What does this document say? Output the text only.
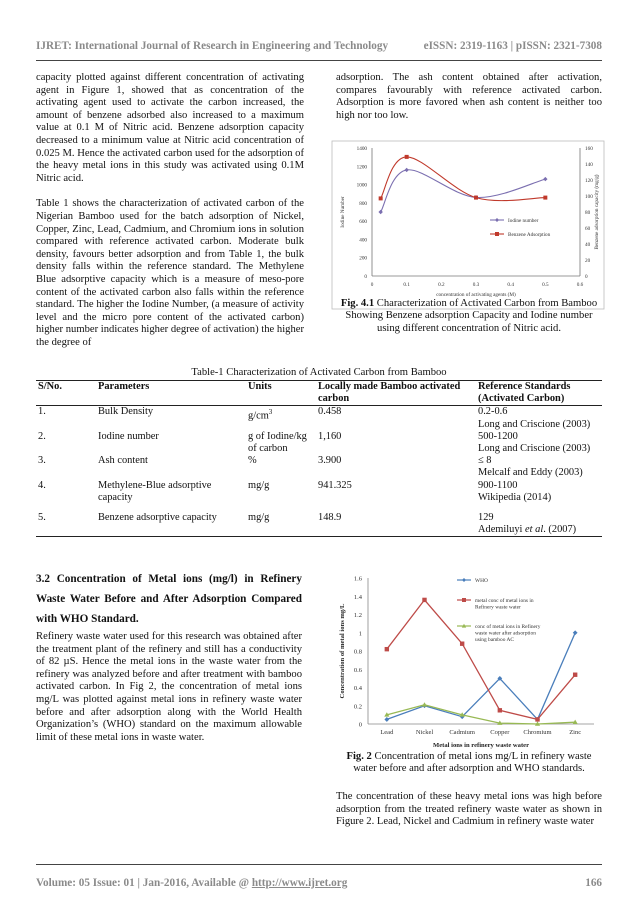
IJRET: International Journal of Research in Engineering and Technology	eISSN: 2319-1163 | pISSN: 2321-7308

capacity plotted against different concentration of activating agent in Figure 1, showed that as concentration of the activating agent used to activate the carbon increased, the amount of benzene adsorbed also increased to a maximum value at 0.1 M of Nitric acid. Benzene adsorption capacity decreased to a minimum value at Nitric acid concentration of 0.025 M. Hence the activated carbon used for the adsorption of the heavy metal ions in this study was activated using 0.1M Nitric acid.

Table 1 shows the characterization of activated carbon of the Nigerian Bamboo used for the batch adsorption of Nickel, Copper, Zinc, Lead, Cadmium, and Chromium ions in solution compared with reference activated carbon. Moderate bulk density, favours better adsorption and from Table 1, the bulk density falls within the reference standard. The Methylene Blue adsorptive capacity which is a measure of meso-pore content of the activated carbon also falls within the reference standard. The higher the Iodine Number, (a measure of activity level and the micro pore content of the activated carbon) higher number indicates higher degree of activation) the higher the degree of

adsorption. The ash content obtained after activation, compares favourably with reference activated carbon. Adsorption is more favored when ash content is neither too high nor too low.

0	0.1	0.2	0.3	0.4	0.5	0.6
0
200
400
600
800
1000
1200
1400
0
20
40
60
80
100
120
140
160
concentration of activating agents (M)
Iodine Number	Benzene adsorption capacity (mg/g)
Iodine number
Benzene Adsorption
Fig. 4.1 Characterization of Activated Carbon from Bamboo Showing Benzene adsorption Capacity and Iodine number using different concentration of Nitric acid.
Table-1 Characterization of Activated Carbon from Bamboo
S/No.	Parameters	Units	Locally made Bamboo activated carbon	Reference Standards (Activated Carbon)
1.	Bulk Density	$g/cm^3$	0.458	0.2-0.6
Long and Criscione (2003)

2.	Iodine number	g of Iodine/kg of carbon	1,160	500-1200
Long and Criscione (2003)

3.	Ash content	%	3.900	≤ 8
Melcalf and Eddy (2003)

4.	Methylene-Blue adsorptive capacity	mg/g	941.325	900-1100
Wikipedia (2014)

5.	Benzene adsorptive capacity	mg/g	148.9	129
Ademiluyi et al. (2007)
3.2 Concentration of Metal ions (mg/l) in Refinery Waste Water Before and After Adsorption Compared with WHO Standard.

Refinery waste water used for this research was obtained after the treatment plant of the refinery and still has a conductivity of 82 µS. Hence the metal ions in the waste water from the refinery was analyzed before and after treatment with bamboo activated carbon. In Fig 2, the concentration of metal ions mg/L was plotted against metal ions in refinery waste water before and after adsorption along with the World Health Organization’s (WHO) standard on the maximum allowable limit of these metal ions in waste water.

0
0.2
0.4
0.6
0.8
1
1.2
1.4
1.6
Lead	Nickel Cadmium Copper Chromium	Zinc
Metal ions in refinery waste water
Concentration of metal ions mg/L
WHO
metal conc of metal ions in Refinery waste water
conc of metal ions in Refinery waste water after adsorption using bamboo AC
Fig. 2 Concentration of metal ions mg/L in refinery waste water before and after adsorption and WHO standards.

The concentration of these heavy metal ions was high before adsorption from the treated refinery waste water as shown in Figure 2. Lead, Nickel and Cadmium in refinery waste water

Volume: 05 Issue: 01 | Jan-2016, Available @ http://www.ijret.org	166
